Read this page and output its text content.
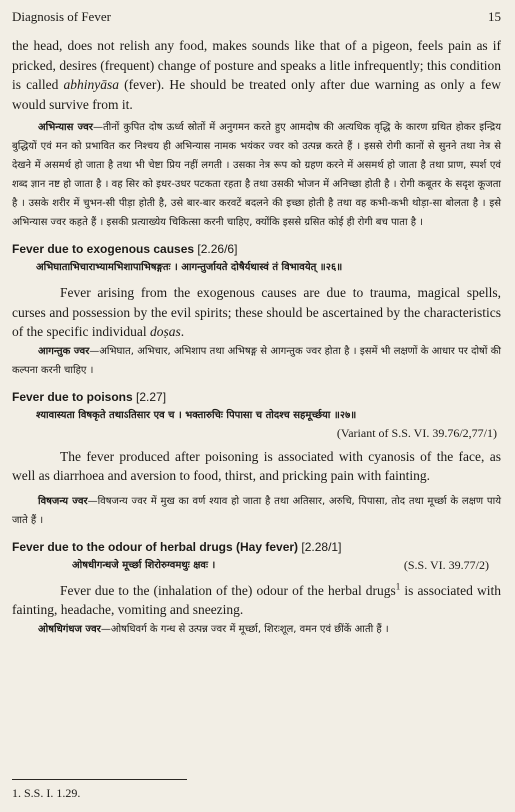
Diagnosis of Fever	15

the head, does not relish any food, makes sounds like that of a pigeon, feels pain as if pricked, desires (frequent) change of posture and speaks a litle infrequently; this condition is called abhinyāsa (fever). He should be treated only after due warning as only a few would survive from it.

अभिन्यास ज्वर—तीनों कुपित दोष ऊर्ध्व स्रोतों में अनुगमन करते हुए आमदोष की अत्यधिक वृद्धि के कारण ग्रथित होकर इन्द्रिय बुद्धियों एवं मन को प्रभावित कर निश्चय ही अभिन्यास नामक भयंकर ज्वर को उत्पन्न करते हैं । इससे रोगी कानों से सुनने तथा नेत्र से देखने में असमर्थ हो जाता है तथा भी चेष्टा प्रिय नहीं लगती । उसका नेत्र रूप को ग्रहण करने में असमर्थ हो जाता है तथा प्राण, स्पर्श एवं शब्द ज्ञान नष्ट हो जाता है । वह सिर को इधर-उधर पटकता रहता है तथा उसकी भोजन में अनिच्छा होती है । रोगी कबूतर के सदृश कूजता है । उसके शरीर में चुभन-सी पीड़ा होती है, उसे बार-बार करवटें बदलने की इच्छा होती है तथा वह कभी-कभी थोड़ा-सा बोलता है । इसे अभिन्यास ज्वर कहते हैं । इसकी प्रत्याख्येय चिकित्सा करनी चाहिए, क्योंकि इससे ग्रसित कोई ही रोगी बच पाता है ।

Fever due to exogenous causes [2.26/6]

अभिघाताभिचाराभ्यामभिशापाभिषङ्गतः । आगन्तुर्जायते दोषैर्यथास्वं तं विभावयेत् ॥२६॥

Fever arising from the exogenous causes are due to trauma, magical spells, curses and possession by the evil spirits; these should be ascertained by the characteristics of the specific individual doṣas.

आगन्तुक ज्वर—अभिघात, अभिचार, अभिशाप तथा अभिषङ्ग से आगन्तुक ज्वर होता है । इसमें भी लक्षणों के आधार पर दोषों की कल्पना करनी चाहिए ।

Fever due to poisons [2.27]

श्यावास्यता विषकृते तथाऽतिसार एव च । भक्तारुचिः पिपासा च तोदश्च सहमूर्च्छया ॥२७॥

(Variant of S.S. VI. 39.76/2,77/1)

The fever produced after poisoning is associated with cyanosis of the face, as well as diarrhoea and aversion to food, thirst, and pricking pain with fainting.

विषजन्य ज्वर—विषजन्य ज्वर में मुख का वर्ण श्याव हो जाता है तथा अतिसार, अरुचि, पिपासा, तोद तथा मूर्च्छा के लक्षण पाये जाते हैं ।

Fever due to the odour of herbal drugs (Hay fever) [2.28/1]
ओषधीगन्धजे मूर्च्छा शिरोरुग्वमथुः क्षवः ।	(S.S. VI. 39.77/2)

Fever due to the (inhalation of the) odour of the herbal drugs$^1$ is associated with fainting, headache, vomiting and sneezing.

ओषधिगंधज ज्वर—ओषधिवर्ग के गन्ध से उत्पन्न ज्वर में मूर्च्छा, शिरःशूल, वमन एवं छींकें आती हैं ।

1. S.S. I. 1.29.
